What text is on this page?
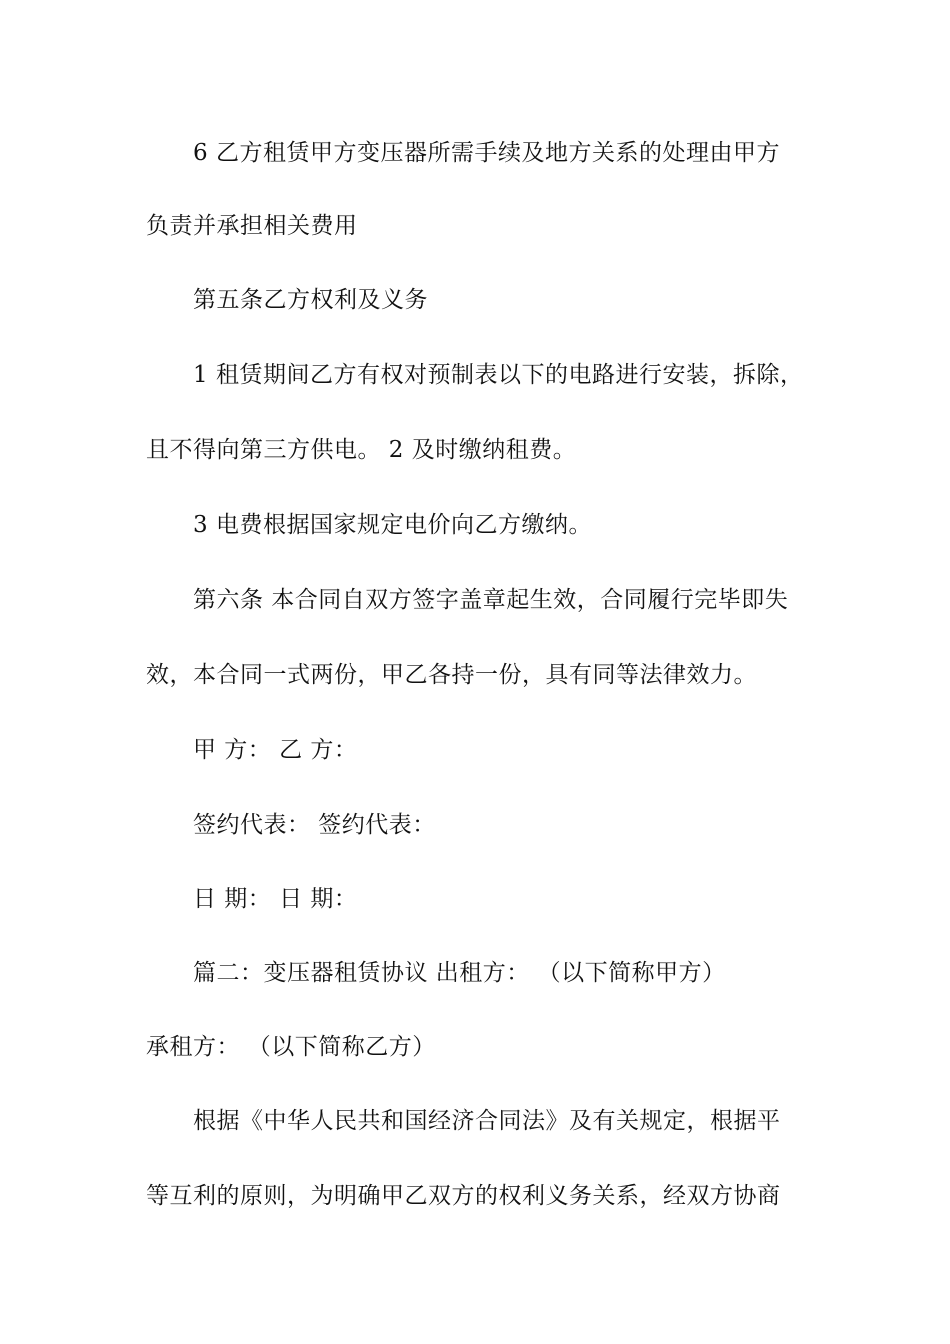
6 乙方租赁甲方变压器所需手续及地方关系的处理由甲方
负责并承担相关费用
第五条乙方权利及义务
1 租赁期间乙方有权对预制表以下的电路进行安装，拆除，
且不得向第三方供电。 2 及时缴纳租费。
3 电费根据国家规定电价向乙方缴纳。
第六条 本合同自双方签字盖章起生效，合同履行完毕即失
效，本合同一式两份，甲乙各持一份，具有同等法律效力。
甲 方： 乙 方：
签约代表： 签约代表：
日 期： 日 期：
篇二：变压器租赁协议 出租方： （以下简称甲方）
承租方： （以下简称乙方）
根据《中华人民共和国经济合同法》及有关规定，根据平
等互利的原则，为明确甲乙双方的权利义务关系，经双方协商
